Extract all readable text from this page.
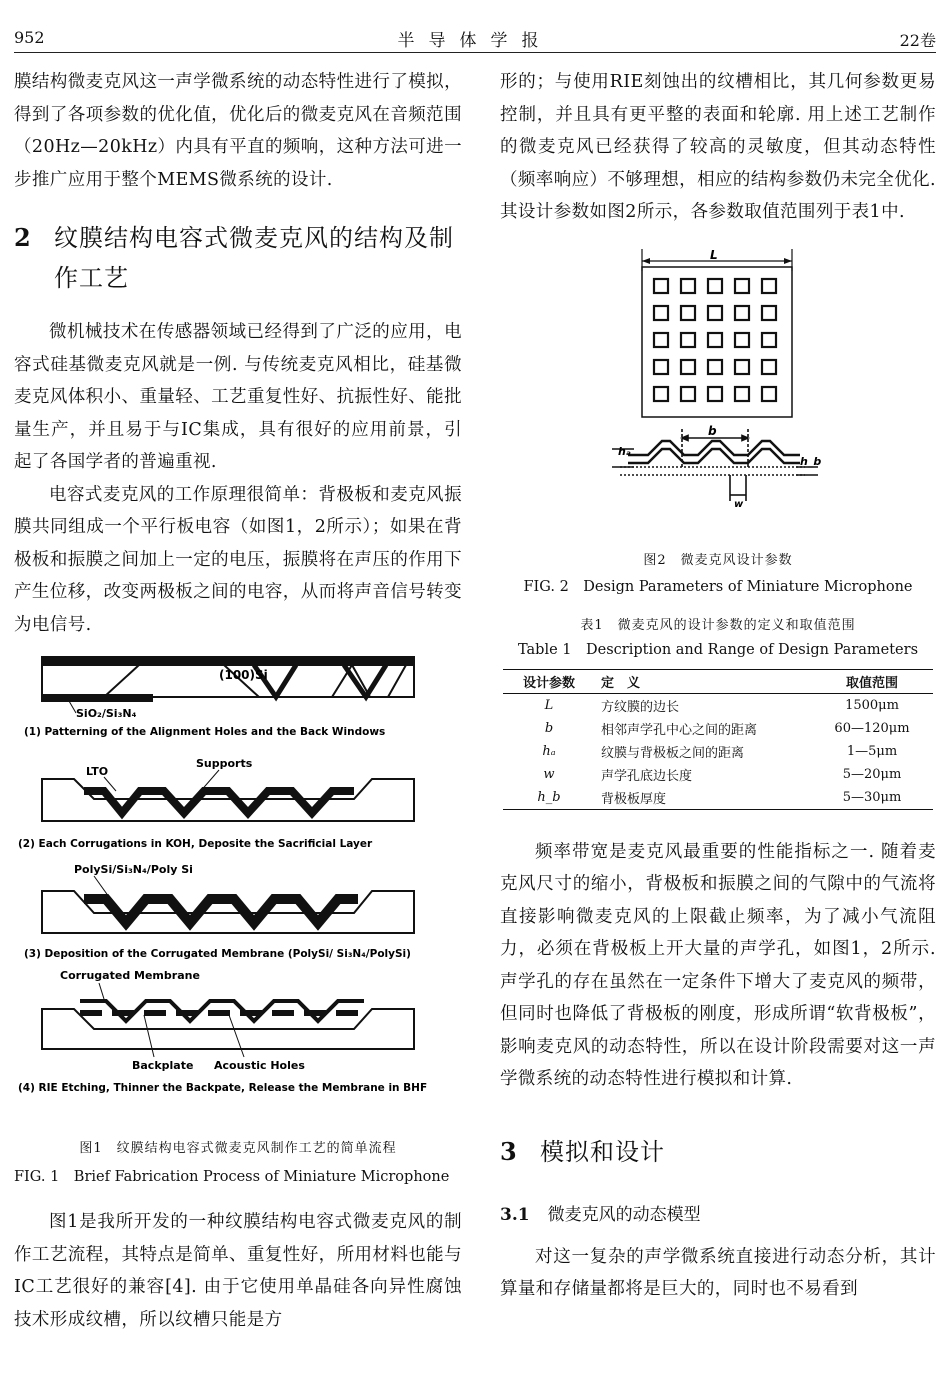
952	半导体学报	22卷

膜结构微麦克风这一声学微系统的动态特性进行了模拟，得到了各项参数的优化值，优化后的微麦克风在音频范围（20Hz—20kHz）内具有平直的频响，这种方法可进一步推广应用于整个MEMS微系统的设计.

2 纹膜结构电容式微麦克风的结构及制作工艺

微机械技术在传感器领域已经得到了广泛的应用，电容式硅基微麦克风就是一例. 与传统麦克风相比，硅基微麦克风体积小、重量轻、工艺重复性好、抗振性好、能批量生产，并且易于与IC集成，具有很好的应用前景，引起了各国学者的普遍重视.

电容式麦克风的工作原理很简单：背极板和麦克风振膜共同组成一个平行板电容（如图1，2所示）；如果在背极板和振膜之间加上一定的电压，振膜将在声压的作用下产生位移，改变两极板之间的电容，从而将声音信号转变为电信号.

(100)Si
SiO₂/Si₃N₄
(1) Patterning of the Alignment Holes and the Back Windows
LTO
Supports
(2) Each Corrugations in KOH, Deposite the Sacrificial Layer
PolySi/Si₃N₄/Poly Si
(3) Deposition of the Corrugated Membrane (PolySi/ Si₃N₄/PolySi)
Corrugated Membrane
Backplate Acoustic Holes
(4) RIE Etching, Thinner the Backpate, Release the Membrane in BHF

图1　纹膜结构电容式微麦克风制作工艺的简单流程

FIG. 1　Brief Fabrication Process of Miniature Microphone

图1是我所开发的一种纹膜结构电容式微麦克风的制作工艺流程，其特点是简单、重复性好，所用材料也能与IC工艺很好的兼容[4]. 由于它使用单晶硅各向异性腐蚀技术形成纹槽，所以纹槽只能是方

形的；与使用RIE刻蚀出的纹槽相比，其几何参数更易控制，并且具有更平整的表面和轮廓. 用上述工艺制作的微麦克风已经获得了较高的灵敏度，但其动态特性（频率响应）不够理想，相应的结构参数仍未完全优化. 其设计参数如图2所示，各参数取值范围列于表1中.

L
b
hₐ
h_b
w

图2　微麦克风设计参数

FIG. 2　Design Parameters of Miniature Microphone

表1　微麦克风的设计参数的定义和取值范围

Table 1　Description and Range of Design Parameters

设计参数	定　义	取值范围
L	方纹膜的边长	1500μm
b	相邻声学孔中心之间的距离	60—120μm
hₐ	纹膜与背极板之间的距离	1—5μm
w	声学孔底边长度	5—20μm
h_b	背极板厚度	5—30μm

频率带宽是麦克风最重要的性能指标之一. 随着麦克风尺寸的缩小，背极板和振膜之间的气隙中的气流将直接影响微麦克风的上限截止频率，为了减小气流阻力，必须在背极板上开大量的声学孔，如图1，2所示. 声学孔的存在虽然在一定条件下增大了麦克风的频带，但同时也降低了背极板的刚度，形成所谓“软背极板”，影响麦克风的动态特性，所以在设计阶段需要对这一声学微系统的动态特性进行模拟和计算.

3 模拟和设计
3.1 微麦克风的动态模型

对这一复杂的声学微系统直接进行动态分析，其计算量和存储量都将是巨大的，同时也不易看到
